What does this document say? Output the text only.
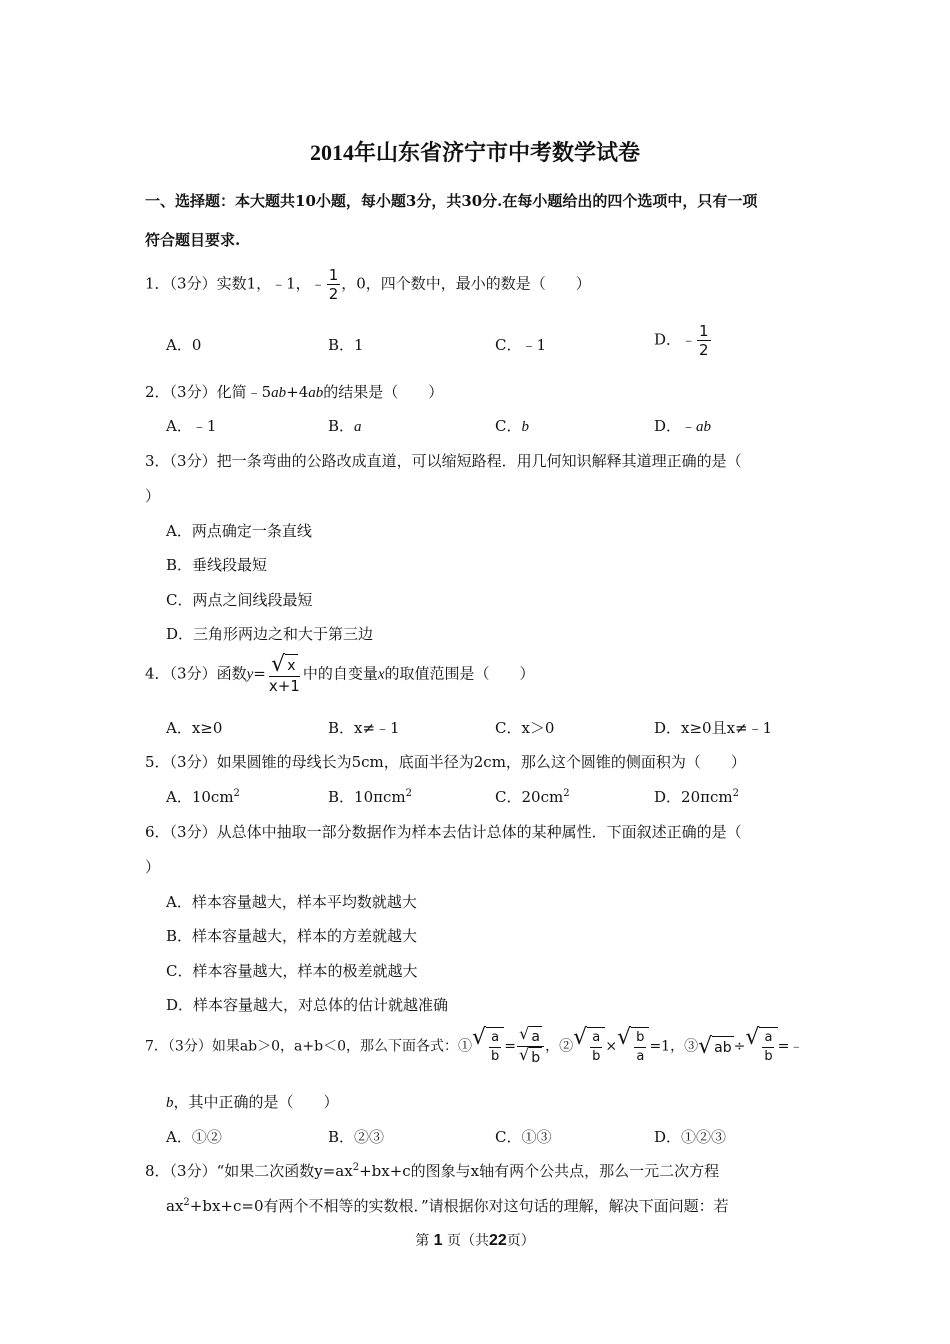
2014年山东省济宁市中考数学试卷
一、选择题：本大题共10小题，每小题3分，共30分.在每小题给出的四个选项中，只有一项
符合题目要求.
1．（3分）实数1，﹣1，﹣ $\frac{1}{2}$ ，0，四个数中，最小的数是（　　）
A．0	B．1	C．﹣1	D．﹣ $\frac{1}{2}$
2．（3分）化简﹣5ab+4ab的结果是（　　）
A．﹣1	B．a	C．b	D．﹣ab
3．（3分）把一条弯曲的公路改成直道，可以缩短路程．用几何知识解释其道理正确的是（
）
A．两点确定一条直线
B．垂线段最短
C．两点之间线段最短
D．三角形两边之和大于第三边
4．（3分）函数$y= \frac{√ x}{x+1}$ 中的自变量x的取值范围是（　　）
A．x≥0	B．x≠﹣1	C．x＞0	D．x≥0且x≠﹣1
5．（3分）如果圆锥的母线长为5cm，底面半径为2cm，那么这个圆锥的侧面积为（　　）
A．$10cm^2$	B．10πcm$^2$	C．$20cm^2$	D．20πcm$^2$
6．（3分）从总体中抽取一部分数据作为样本去估计总体的某种属性．下面叙述正确的是（
）
A．样本容量越大，样本平均数就越大
B．样本容量越大，样本的方差就越大
C．样本容量越大，样本的极差就越大
D．样本容量越大，对总体的估计就越准确
7．（3分）如果ab＞0，a+b＜0，那么下面各式：① √ $\frac{a}{b} = \frac{√ a}{√ b}$ ，② √ $\frac{a}{b}$ × √ $\frac{b}{a} =1$，③ √ ab ÷ √ $\frac{a}{b}$ =﹣
b，其中正确的是（　　）
A．①②	B．②③	C．①③	D．①②③
8．（3分）“如果二次函数$y=ax^2+bx+c$的图象与x轴有两个公共点，那么一元二次方程
$ax^2+bx+c=0$有两个不相等的实数根．”请根据你对这句话的理解，解决下面问题：若
第 1 页（共22页）
